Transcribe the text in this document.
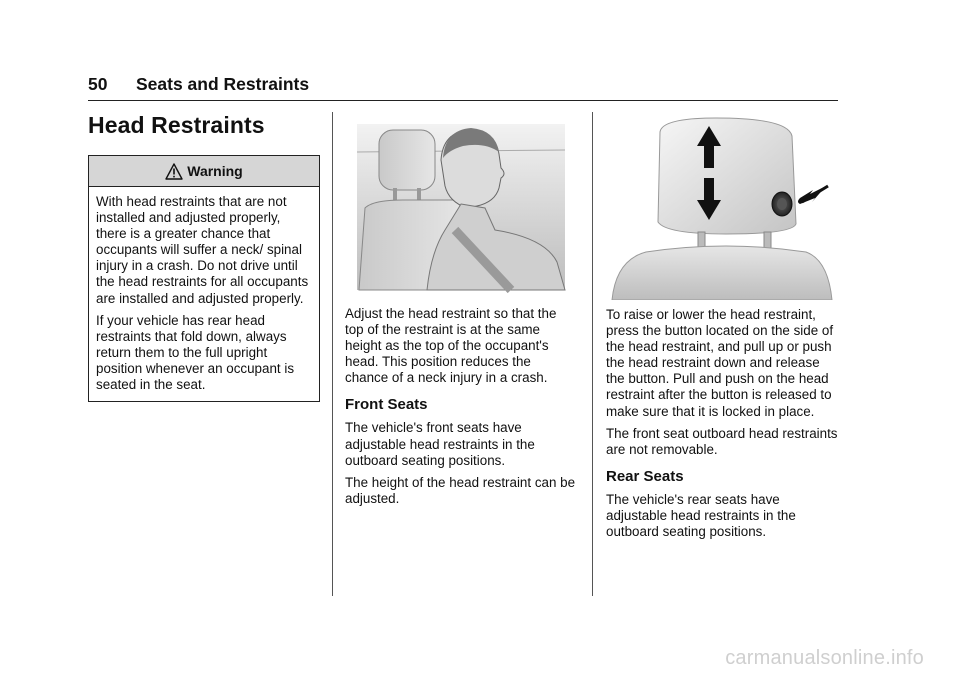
50 Seats and Restraints
Head Restraints
Warning

With head restraints that are not installed and adjusted properly, there is a greater chance that occupants will suffer a neck/ spinal injury in a crash. Do not drive until the head restraints for all occupants are installed and adjusted properly.

If your vehicle has rear head restraints that fold down, always return them to the full upright position whenever an occupant is seated in the seat.

Adjust the head restraint so that the top of the restraint is at the same height as the top of the occupant's head. This position reduces the chance of a neck injury in a crash.

Front Seats

The vehicle's front seats have adjustable head restraints in the outboard seating positions.

The height of the head restraint can be adjusted.

To raise or lower the head restraint, press the button located on the side of the head restraint, and pull up or push the head restraint down and release the button. Pull and push on the head restraint after the button is released to make sure that it is locked in place.

The front seat outboard head restraints are not removable.

Rear Seats

The vehicle's rear seats have adjustable head restraints in the outboard seating positions.

carmanualsonline.info
